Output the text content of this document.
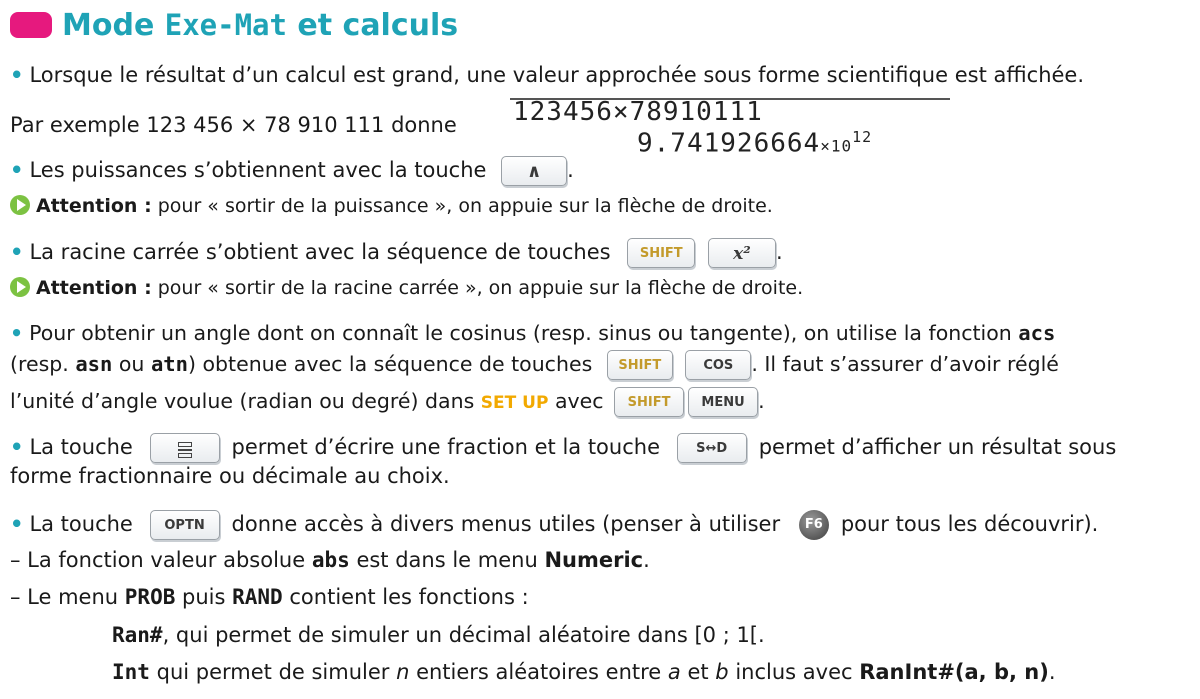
Mode Exe-Mat et calculs
• Lorsque le résultat d’un calcul est grand, une valeur approchée sous forme scientifique est affichée.
Par exemple 123 456 × 78 910 111 donne 123456×78910111
$9.741926664\times 10^{12}$
• Les puissances s’obtiennent avec la touche ∧ .
Attention : pour « sortir de la puissance », on appuie sur la flèche de droite.
• La racine carrée s’obtient avec la séquence de touches SHIFT	x² .
Attention : pour « sortir de la racine carrée », on appuie sur la flèche de droite.
• Pour obtenir un angle dont on connaît le cosinus (resp. sinus ou tangente), on utilise la fonction acs
(resp. asn ou atn) obtenue avec la séquence de touches SHIFT	COS . Il faut s’assurer d’avoir réglé
l’unité d’angle voulue (radian ou degré) dans SET UP avec SHIFT MENU .
• La touche	permet d’écrire une fraction et la touche	S↔D permet d’afficher un résultat sous
forme fractionnaire ou décimale au choix.
• La touche OPTN donne accès à divers menus utiles (penser à utiliser F6 pour tous les découvrir).
– La fonction valeur absolue abs est dans le menu Numeric.
– Le menu PROB puis RAND contient les fonctions :
Ran#, qui permet de simuler un décimal aléatoire dans [0 ; 1[.
Int qui permet de simuler n entiers aléatoires entre a et b inclus avec RanInt#(a, b, n).
